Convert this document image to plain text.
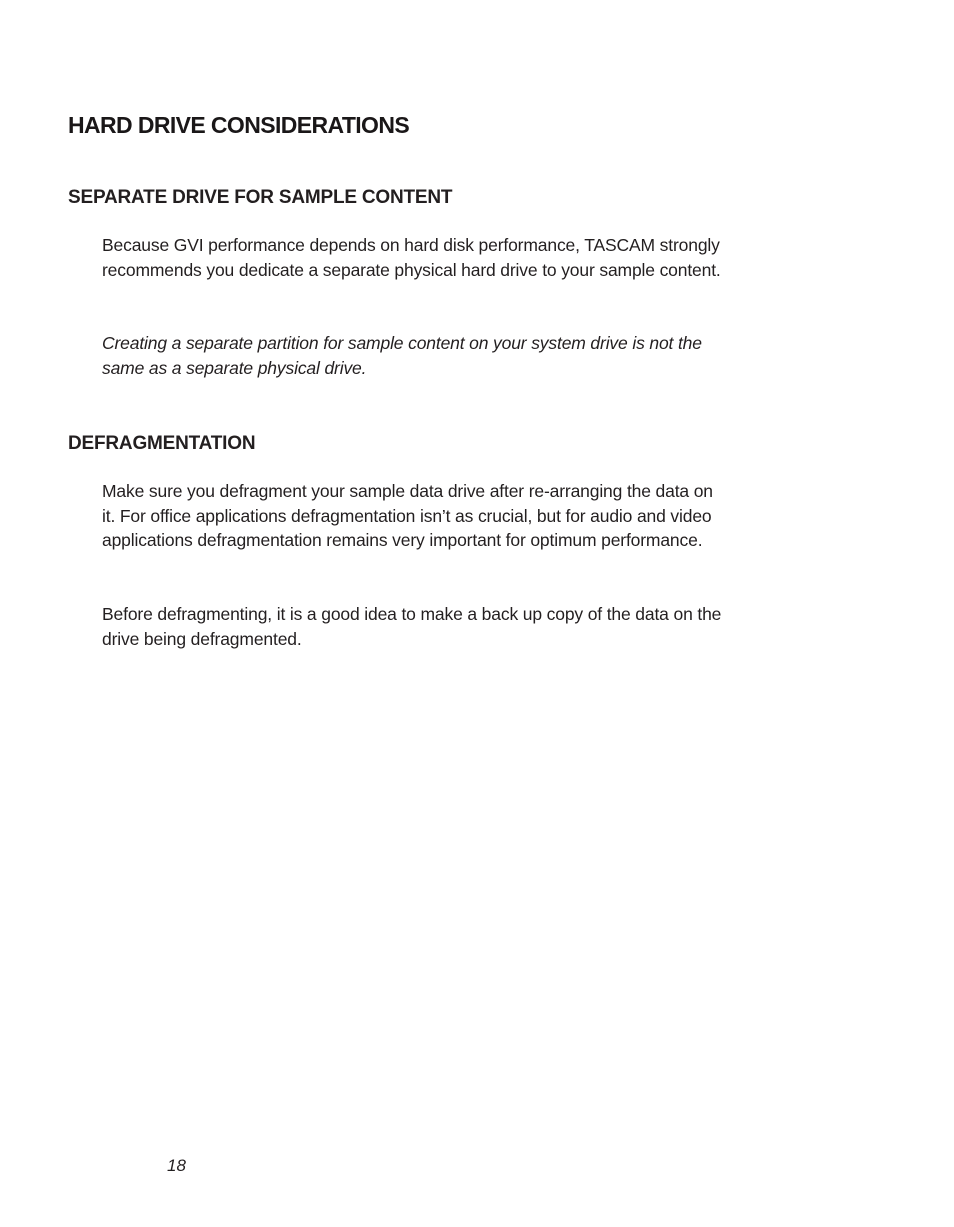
HARD DRIVE CONSIDERATIONS
SEPARATE DRIVE FOR SAMPLE CONTENT

Because GVI performance depends on hard disk performance, TASCAM strongly recommends you dedicate a separate physical hard drive to your sample content.

Creating a separate partition for sample content on your system drive is not the same as a separate physical drive.

DEFRAGMENTATION

Make sure you defragment your sample data drive after re-arranging the data on it. For office applications defragmentation isn’t as crucial, but for audio and video applications defragmentation remains very important for optimum performance.

Before defragmenting, it is a good idea to make a back up copy of the data on the drive being defragmented.

18
